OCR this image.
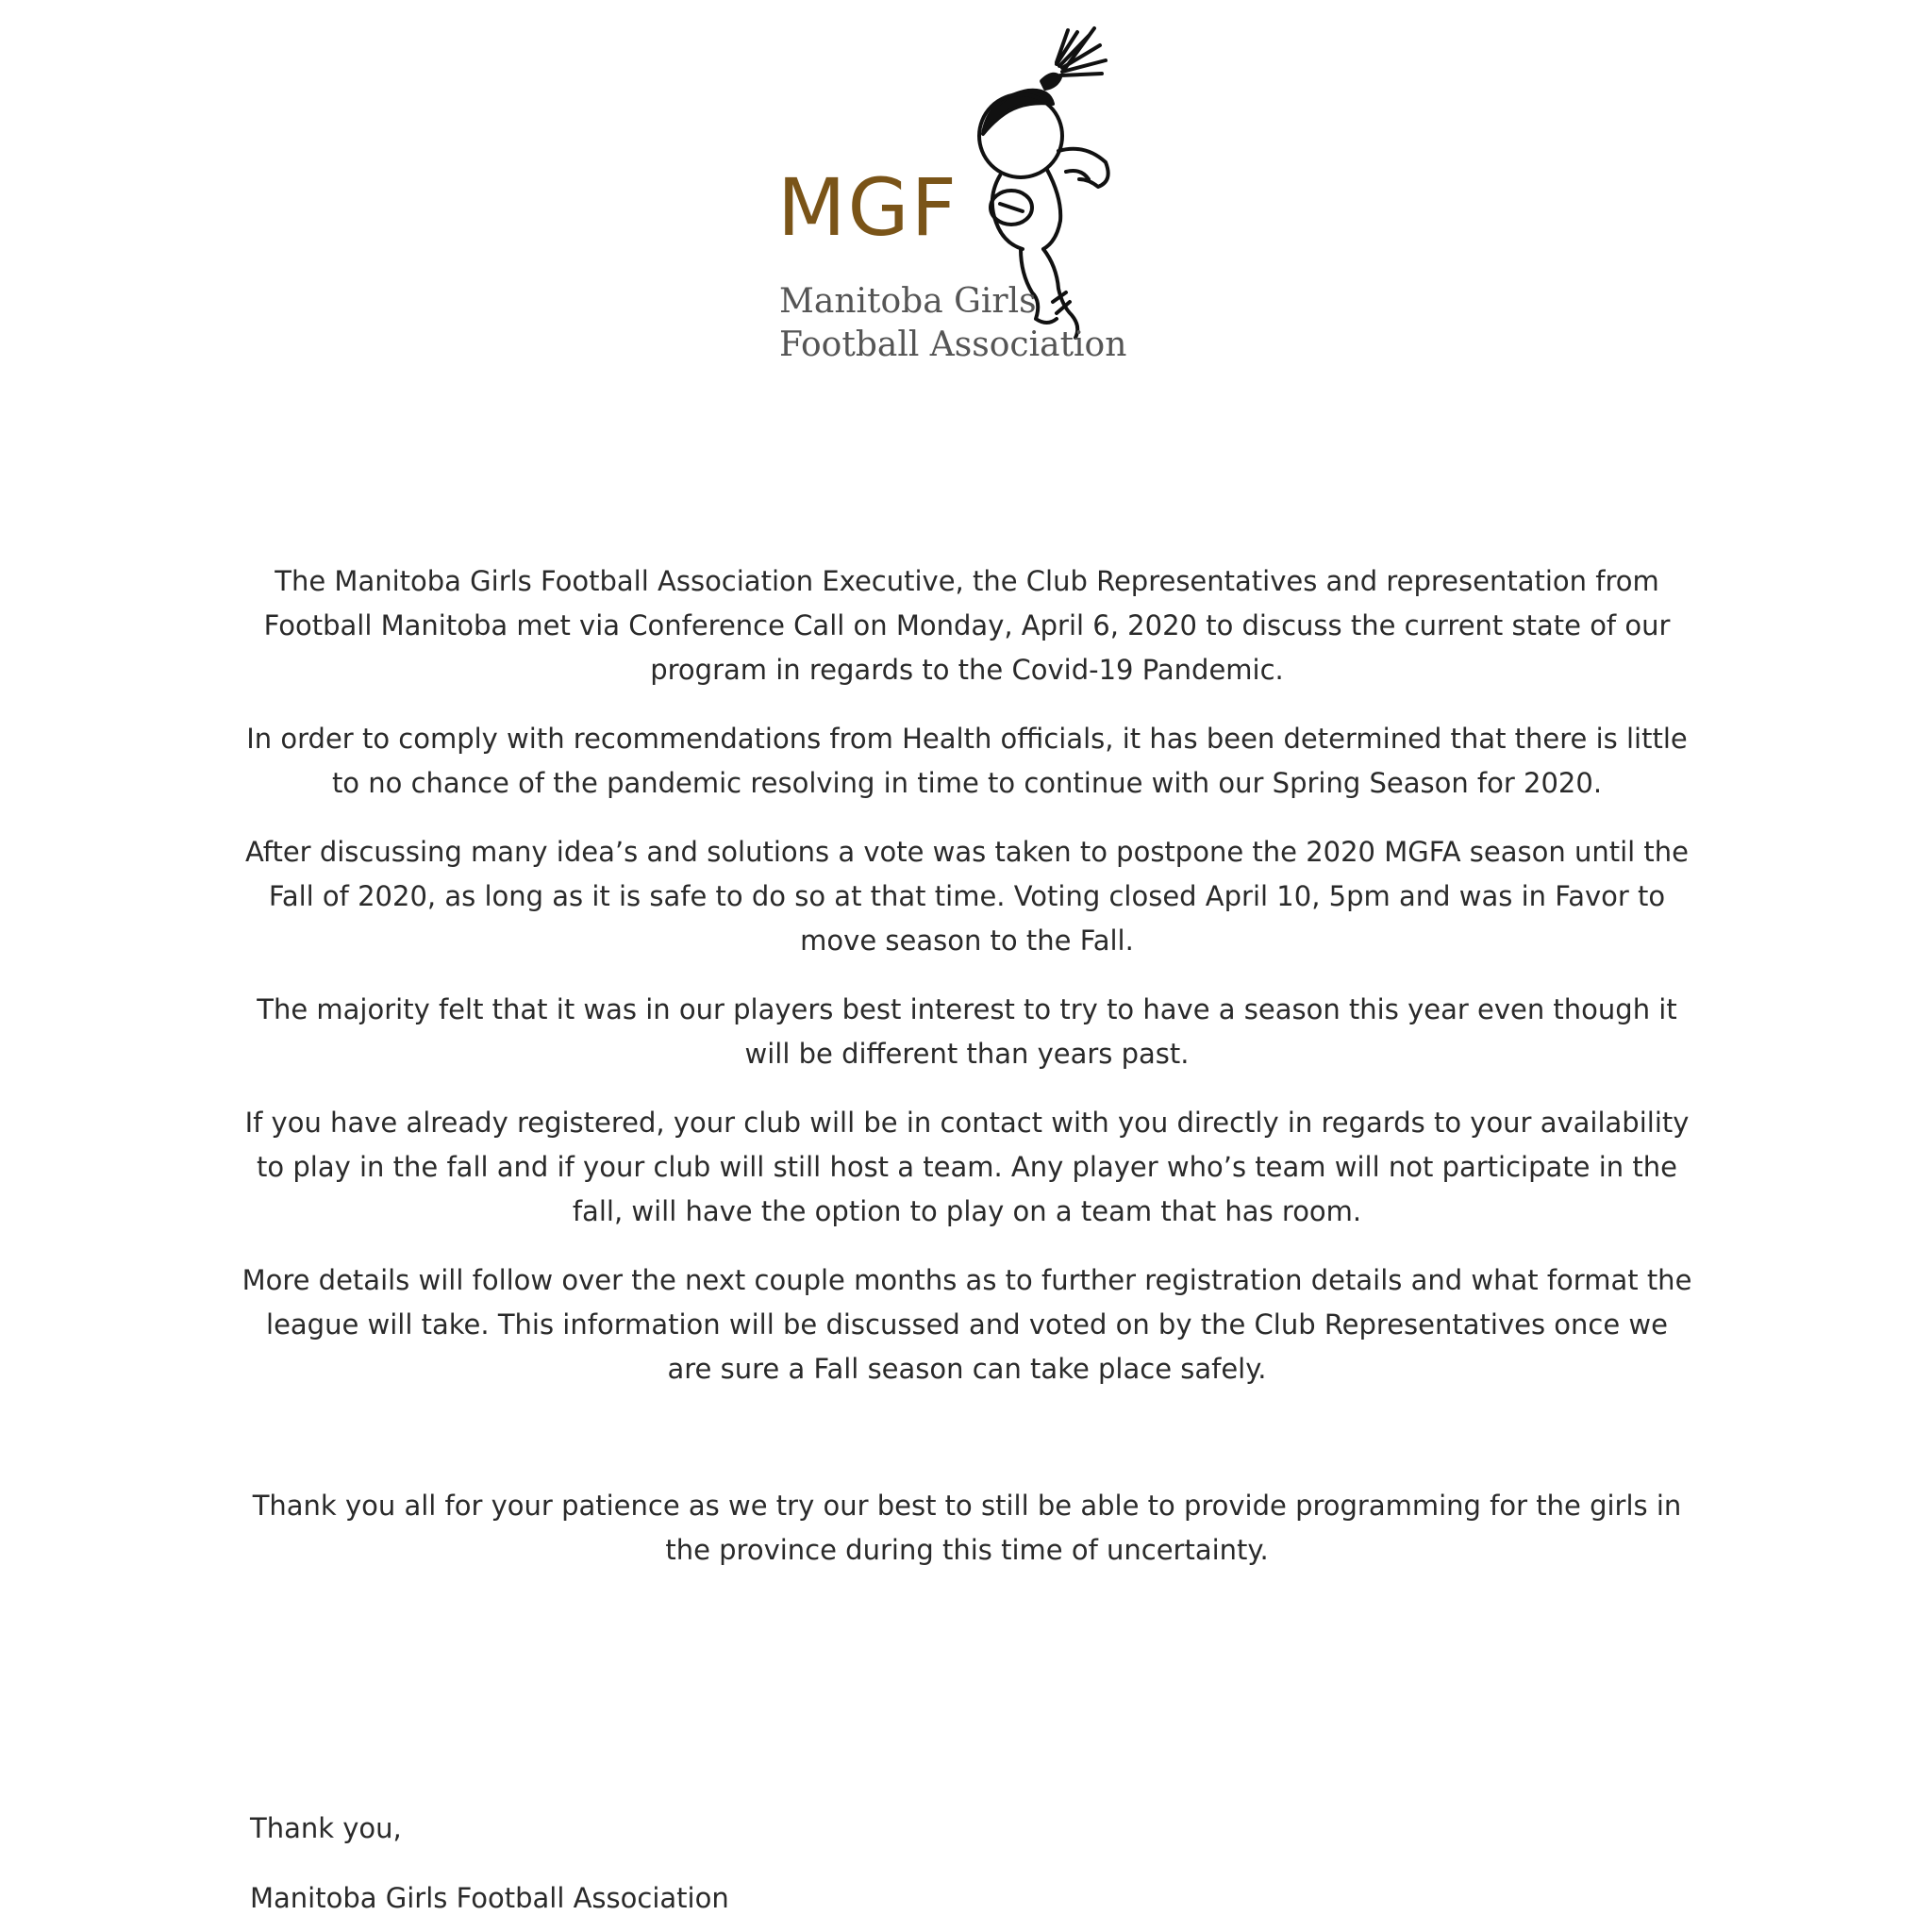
MGF
Manitoba Girls
Football Association

The Manitoba Girls Football Association Executive, the Club Representatives and representation from Football Manitoba met via Conference Call on Monday, April 6, 2020 to discuss the current state of our program in regards to the Covid-19 Pandemic.

In order to comply with recommendations from Health officials, it has been determined that there is little to no chance of the pandemic resolving in time to continue with our Spring Season for 2020.

After discussing many idea’s and solutions a vote was taken to postpone the 2020 MGFA season until the Fall of 2020, as long as it is safe to do so at that time. Voting closed April 10, 5pm and was in Favor to move season to the Fall.

The majority felt that it was in our players best interest to try to have a season this year even though it will be different than years past.

If you have already registered, your club will be in contact with you directly in regards to your availability to play in the fall and if your club will still host a team. Any player who’s team will not participate in the fall, will have the option to play on a team that has room.

More details will follow over the next couple months as to further registration details and what format the league will take. This information will be discussed and voted on by the Club Representatives once we are sure a Fall season can take place safely.

Thank you all for your patience as we try our best to still be able to provide programming for the girls in the province during this time of uncertainty.

Thank you,
Manitoba Girls Football Association
